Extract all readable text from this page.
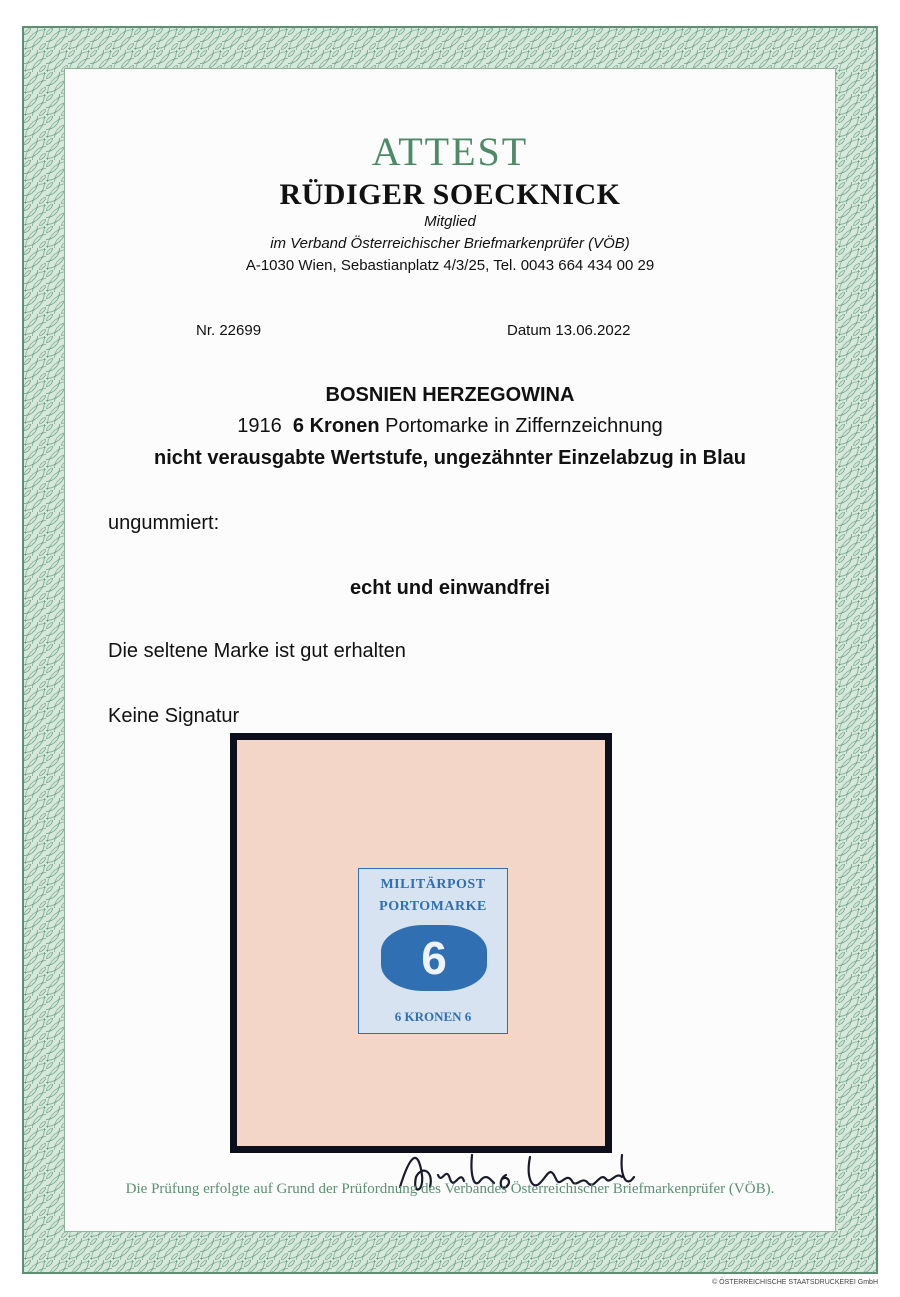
ATTEST
RÜDIGER SOECKNICK
Mitglied
im Verband Österreichischer Briefmarkenprüfer (VÖB)
A-1030 Wien, Sebastianplatz 4/3/25, Tel. 0043 664 434 00 29
Nr. 22699	Datum 13.06.2022
BOSNIEN HERZEGOWINA
1916 6 Kronen Portomarke in Ziffernzeichnung
nicht verausgabte Wertstufe, ungezähnter Einzelabzug in Blau
ungummiert:
echt und einwandfrei
Die seltene Marke ist gut erhalten
Keine Signatur
MILITÄRPOST
PORTOMARKE
6
6 KRONEN 6
Die Prüfung erfolgte auf Grund der Prüfordnung des Verbandes Österreichischer Briefmarkenprüfer (VÖB).
© ÖSTERREICHISCHE STAATSDRUCKEREI GmbH
